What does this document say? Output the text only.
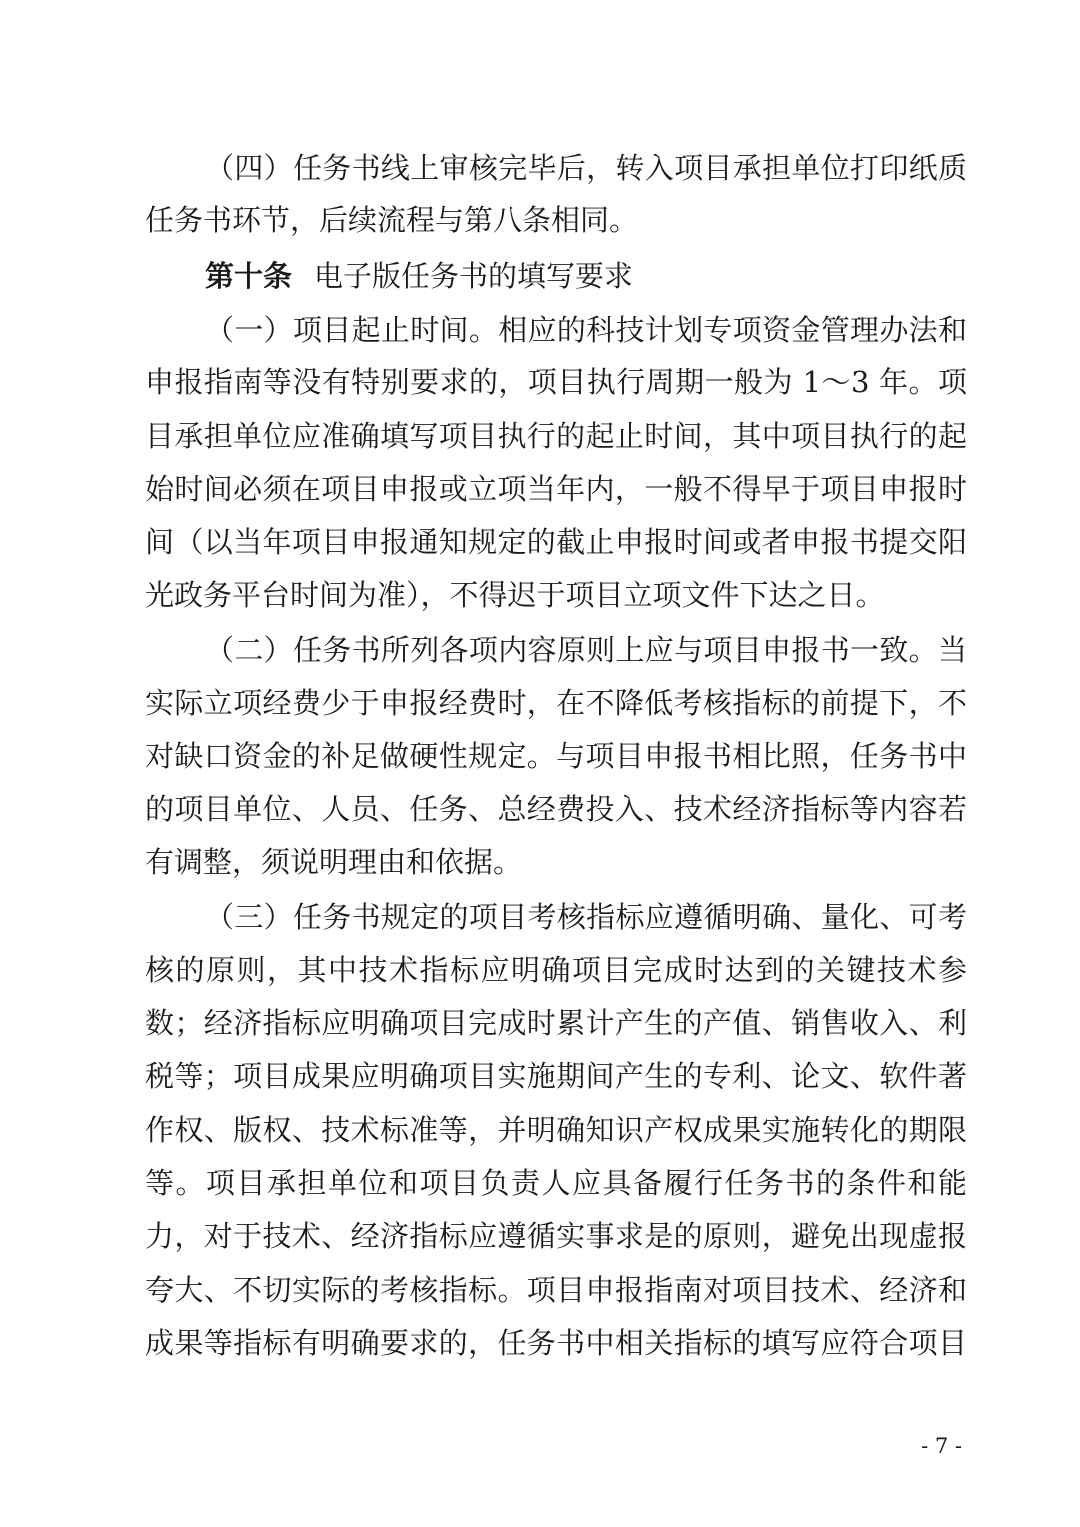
（四）任务书线上审核完毕后，转入项目承担单位打印纸质
任务书环节，后续流程与第八条相同。
第十条 电子版任务书的填写要求
（一）项目起止时间。相应的科技计划专项资金管理办法和
申报指南等没有特别要求的，项目执行周期一般为 1～3 年。项
目承担单位应准确填写项目执行的起止时间，其中项目执行的起
始时间必须在项目申报或立项当年内，一般不得早于项目申报时
间（以当年项目申报通知规定的截止申报时间或者申报书提交阳
光政务平台时间为准），不得迟于项目立项文件下达之日。
（二）任务书所列各项内容原则上应与项目申报书一致。当
实际立项经费少于申报经费时，在不降低考核指标的前提下，不
对缺口资金的补足做硬性规定。与项目申报书相比照，任务书中
的项目单位、人员、任务、总经费投入、技术经济指标等内容若
有调整，须说明理由和依据。
（三）任务书规定的项目考核指标应遵循明确、量化、可考
核的原则，其中技术指标应明确项目完成时达到的关键技术参
数；经济指标应明确项目完成时累计产生的产值、销售收入、利
税等；项目成果应明确项目实施期间产生的专利、论文、软件著
作权、版权、技术标准等，并明确知识产权成果实施转化的期限
等。项目承担单位和项目负责人应具备履行任务书的条件和能
力，对于技术、经济指标应遵循实事求是的原则，避免出现虚报
夸大、不切实际的考核指标。项目申报指南对项目技术、经济和
成果等指标有明确要求的，任务书中相关指标的填写应符合项目
- 7 -
